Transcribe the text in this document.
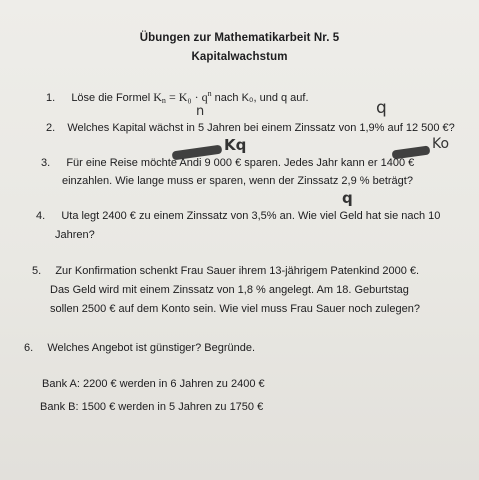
Übungen zur Mathematikarbeit Nr. 5
Kapitalwachstum
1. Löse die Formel $K_n = K_0 \cdot q^n$ nach K₀, und q auf.
n	q
2. Welches Kapital wächst in 5 Jahren bei einem Zinssatz von 1,9% auf 12 500 €?
Kq	Ko
3. Für eine Reise möchte Andi 9 000 € sparen. Jedes Jahr kann er 1400 €
einzahlen. Wie lange muss er sparen, wenn der Zinssatz 2,9 % beträgt?
q
4. Uta legt 2400 € zu einem Zinssatz von 3,5% an. Wie viel Geld hat sie nach 10
Jahren?
5. Zur Konfirmation schenkt Frau Sauer ihrem 13-jährigem Patenkind 2000 €.
Das Geld wird mit einem Zinssatz von 1,8 % angelegt. Am 18. Geburtstag
sollen 2500 € auf dem Konto sein. Wie viel muss Frau Sauer noch zulegen?
6. Welches Angebot ist günstiger? Begründe.
Bank A: 2200 € werden in 6 Jahren zu 2400 €
Bank B: 1500 € werden in 5 Jahren zu 1750 €
